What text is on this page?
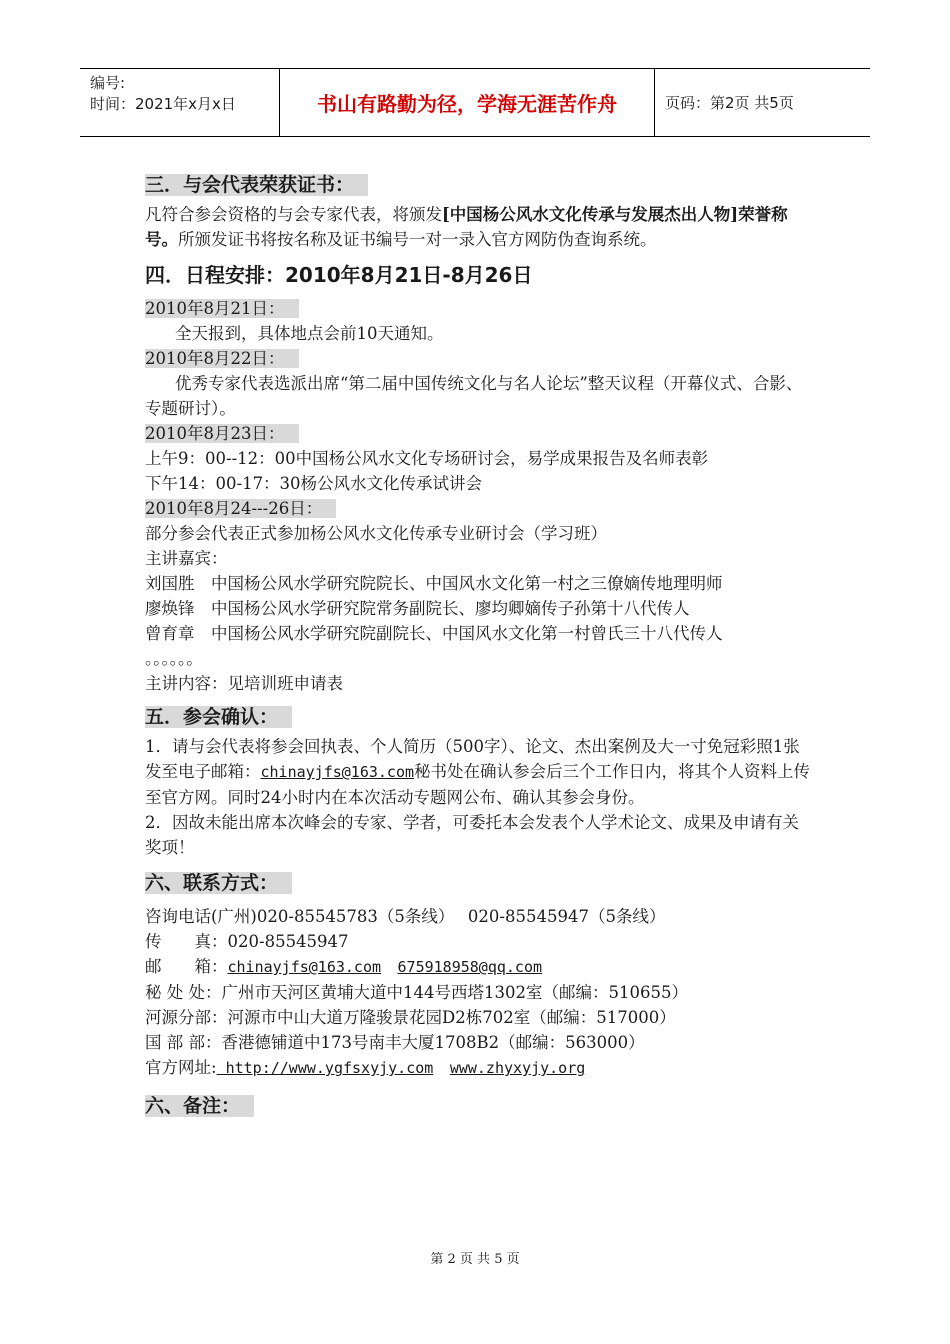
编号:
时间：2021年x月x日	书山有路勤为径，学海无涯苦作舟	页码：第2页 共5页
三．与会代表荣获证书：

凡符合参会资格的与会专家代表，将颁发[中国杨公风水文化传承与发展杰出人物]荣誉称号。所颁发证书将按名称及证书编号一对一录入官方网防伪查询系统。

四．日程安排：2010年8月21日-8月26日

2010年8月21日：

全天报到，具体地点会前10天通知。

2010年8月22日：

优秀专家代表选派出席“第二届中国传统文化与名人论坛”整天议程（开幕仪式、合影、专题研讨）。

2010年8月23日：

上午9：00--12：00中国杨公风水文化专场研讨会，易学成果报告及名师表彰

下午14：00-17：30杨公风水文化传承试讲会

2010年8月24---26日：

部分参会代表正式参加杨公风水文化传承专业研讨会（学习班）

主讲嘉宾：

刘国胜　中国杨公风水学研究院院长、中国风水文化第一村之三僚嫡传地理明师

廖焕锋　中国杨公风水学研究院常务副院长、廖均卿嫡传子孙第十八代传人

曾育章　中国杨公风水学研究院副院长、中国风水文化第一村曾氏三十八代传人

。。。。。。

主讲内容：见培训班申请表

五．参会确认：

1．请与会代表将参会回执表、个人简历（500字）、论文、杰出案例及大一寸免冠彩照1张发至电子邮箱：chinayjfs@163.com秘书处在确认参会后三个工作日内，将其个人资料上传至官方网。同时24小时内在本次活动专题网公布、确认其参会身份。

2．因故未能出席本次峰会的专家、学者，可委托本会发表个人学术论文、成果及申请有关奖项！

六、联系方式：

咨询电话(广州)020-85545783（5条线）　 020-85545947（5条线）

传　　真：020-85545947

邮　　箱：chinayjfs@163.com　 675918958@qq.com

秘 处 处：广州市天河区黄埔大道中144号西塔1302室（邮编：510655）

河源分部：河源市中山大道万隆骏景花园D2栋702室（邮编：517000）

国 部 部：香港德铺道中173号南丰大厦1708B2（邮编：563000）

官方网址: http://www.ygfsxyjy.com　 www.zhyxyjy.org

六、备注：
第 2 页 共 5 页
